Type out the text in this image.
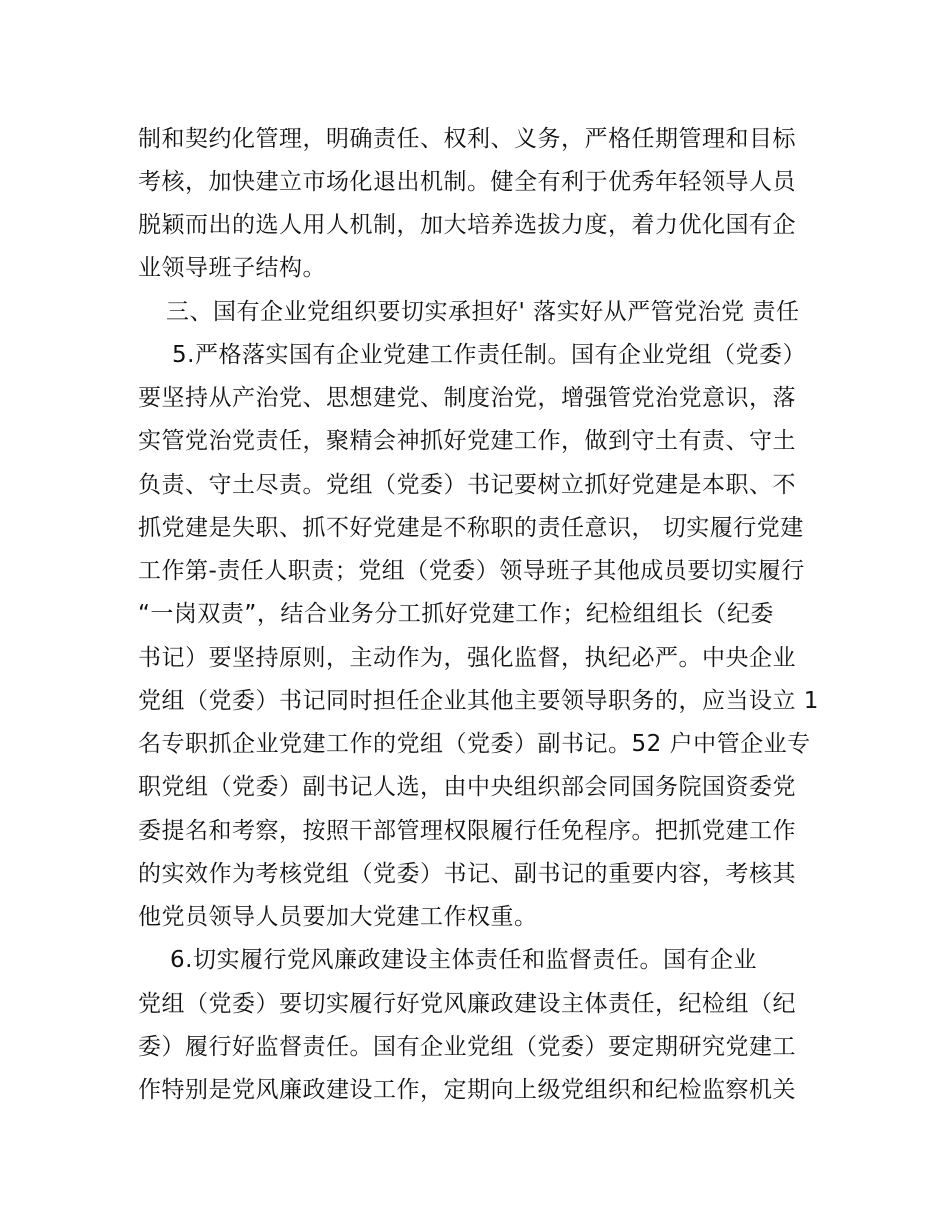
制和契约化管理，明确责任、权利、义务，严格任期管理和目标
考核，加快建立市场化退出机制。健全有利于优秀年轻领导人员
脱颖而出的选人用人机制，加大培养选拔力度，着力优化国有企
业领导班子结构。
三、国有企业党组织要切实承担好' 落实好从严管党治党 责任
5.严格落实国有企业党建工作责任制。国有企业党组（党委）
要坚持从产治党、思想建党、制度治党，增强管党治党意识，落
实管党治党责任，聚精会神抓好党建工作，做到守土有责、守土
负责、守土尽责。党组（党委）书记要树立抓好党建是本职、不
抓党建是失职、抓不好党建是不称职的责任意识， 切实履行党建
工作第-责任人职责；党组（党委）领导班子其他成员要切实履行
“一岗双责”，结合业务分工抓好党建工作；纪检组组长（纪委
书记）要坚持原则，主动作为，强化监督，执纪必严。中央企业
党组（党委）书记同时担任企业其他主要领导职务的，应当设立 1
名专职抓企业党建工作的党组（党委）副书记。52 户中管企业专
职党组（党委）副书记人选，由中央组织部会同国务院国资委党
委提名和考察，按照干部管理权限履行任免程序。把抓党建工作
的实效作为考核党组（党委）书记、副书记的重要内容，考核其
他党员领导人员要加大党建工作权重。
6.切实履行党风廉政建设主体责任和监督责任。国有企业
党组（党委）要切实履行好党风廉政建设主体责任，纪检组（纪
委）履行好监督责任。国有企业党组（党委）要定期研究党建工
作特别是党风廉政建设工作，定期向上级党组织和纪检监察机关
